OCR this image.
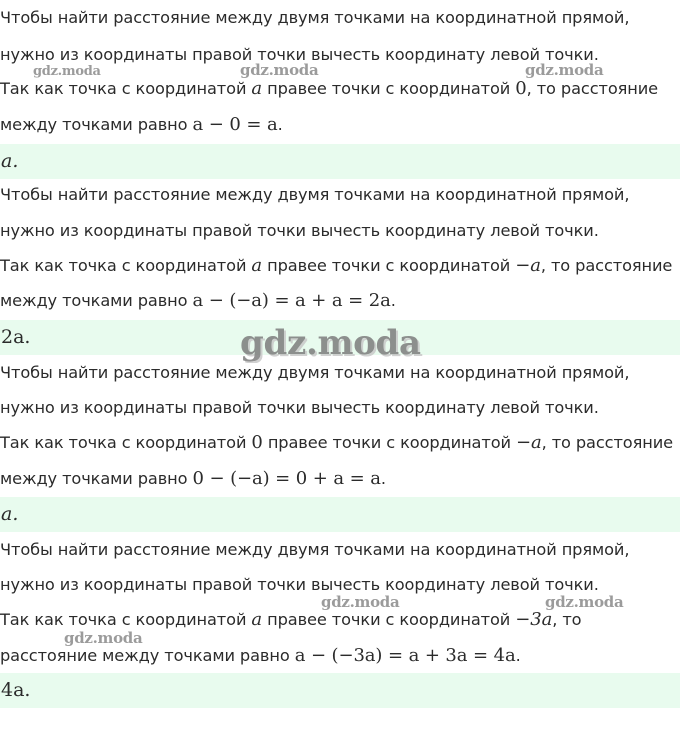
Чтобы найти расстояние между двумя точками на координатной прямой,
нужно из координаты правой точки вычесть координату левой точки.
Так как точка с координатой a правее точки с координатой 0, то расстояние
между точками равно a − 0 = a.
a.
Чтобы найти расстояние между двумя точками на координатной прямой,
нужно из координаты правой точки вычесть координату левой точки.
Так как точка с координатой a правее точки с координатой −a, то расстояние
между точками равно a − (−a) = a + a = 2a.
2a.
Чтобы найти расстояние между двумя точками на координатной прямой,
нужно из координаты правой точки вычесть координату левой точки.
Так как точка с координатой 0 правее точки с координатой −a, то расстояние
между точками равно 0 − (−a) = 0 + a = a.
a.
Чтобы найти расстояние между двумя точками на координатной прямой,
нужно из координаты правой точки вычесть координату левой точки.
Так как точка с координатой a правее точки с координатой −3a, то
расстояние между точками равно a − (−3a) = a + 3a = 4a.
4a.
gdz.moda	gdz.moda	gdz.moda
gdz.moda
gdz.moda	gdz.moda
gdz.moda
